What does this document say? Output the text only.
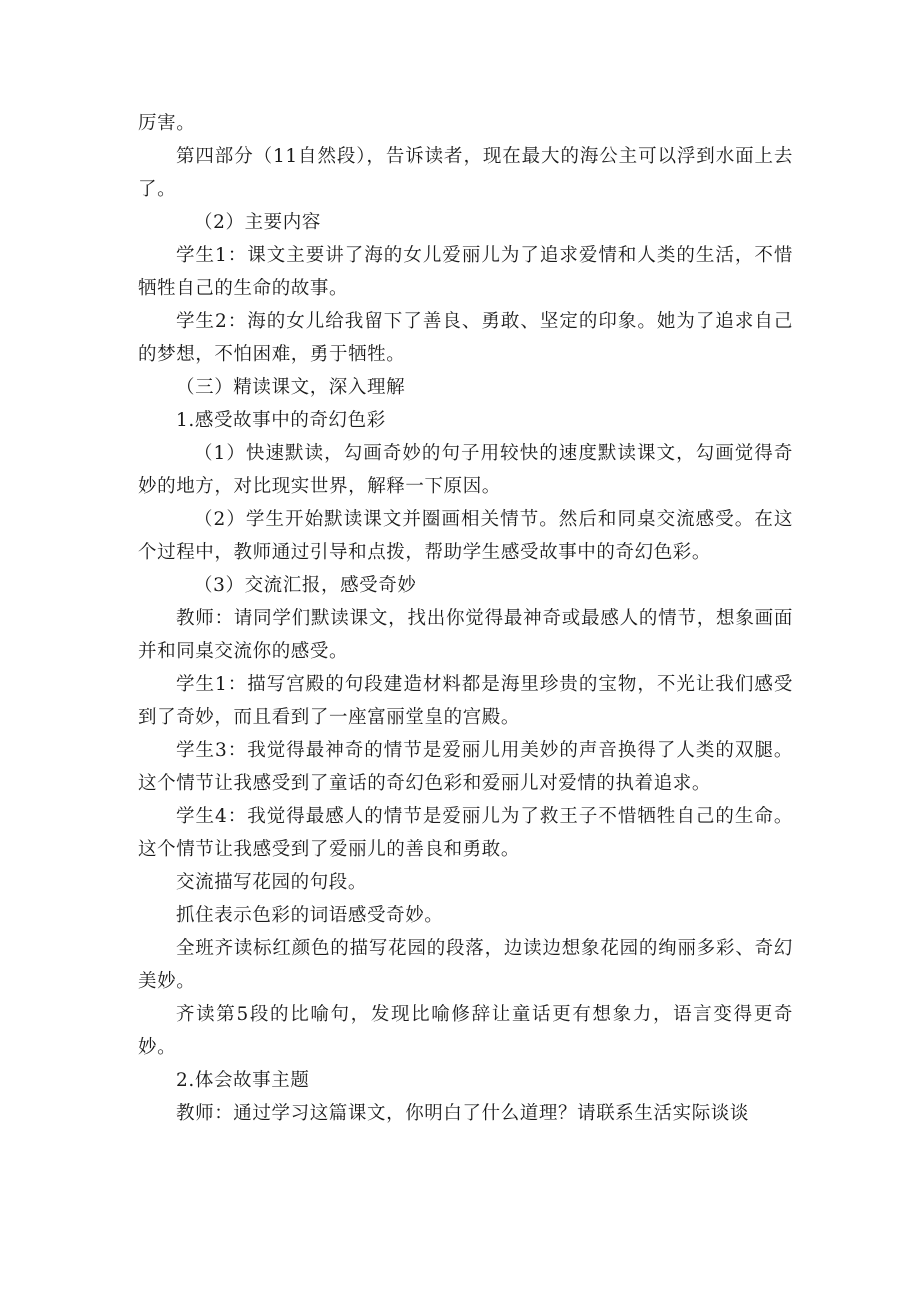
厉害。

第四部分（11自然段），告诉读者，现在最大的海公主可以浮到水面上去了。

（2）主要内容

学生1：课文主要讲了海的女儿爱丽儿为了追求爱情和人类的生活，不惜牺牲自己的生命的故事。

学生2：海的女儿给我留下了善良、勇敢、坚定的印象。她为了追求自己的梦想，不怕困难，勇于牺牲。

（三）精读课文，深入理解

1.感受故事中的奇幻色彩

（1）快速默读，勾画奇妙的句子用较快的速度默读课文，勾画觉得奇妙的地方，对比现实世界，解释一下原因。

（2）学生开始默读课文并圈画相关情节。然后和同桌交流感受。在这个过程中，教师通过引导和点拨，帮助学生感受故事中的奇幻色彩。

（3）交流汇报，感受奇妙

教师：请同学们默读课文，找出你觉得最神奇或最感人的情节，想象画面并和同桌交流你的感受。

学生1：描写宫殿的句段建造材料都是海里珍贵的宝物，不光让我们感受到了奇妙，而且看到了一座富丽堂皇的宫殿。

学生3：我觉得最神奇的情节是爱丽儿用美妙的声音换得了人类的双腿。这个情节让我感受到了童话的奇幻色彩和爱丽儿对爱情的执着追求。

学生4：我觉得最感人的情节是爱丽儿为了救王子不惜牺牲自己的生命。这个情节让我感受到了爱丽儿的善良和勇敢。

交流描写花园的句段。

抓住表示色彩的词语感受奇妙。

全班齐读标红颜色的描写花园的段落，边读边想象花园的绚丽多彩、奇幻美妙。

齐读第5段的比喻句，发现比喻修辞让童话更有想象力，语言变得更奇妙。

2.体会故事主题

教师：通过学习这篇课文，你明白了什么道理？请联系生活实际谈谈
